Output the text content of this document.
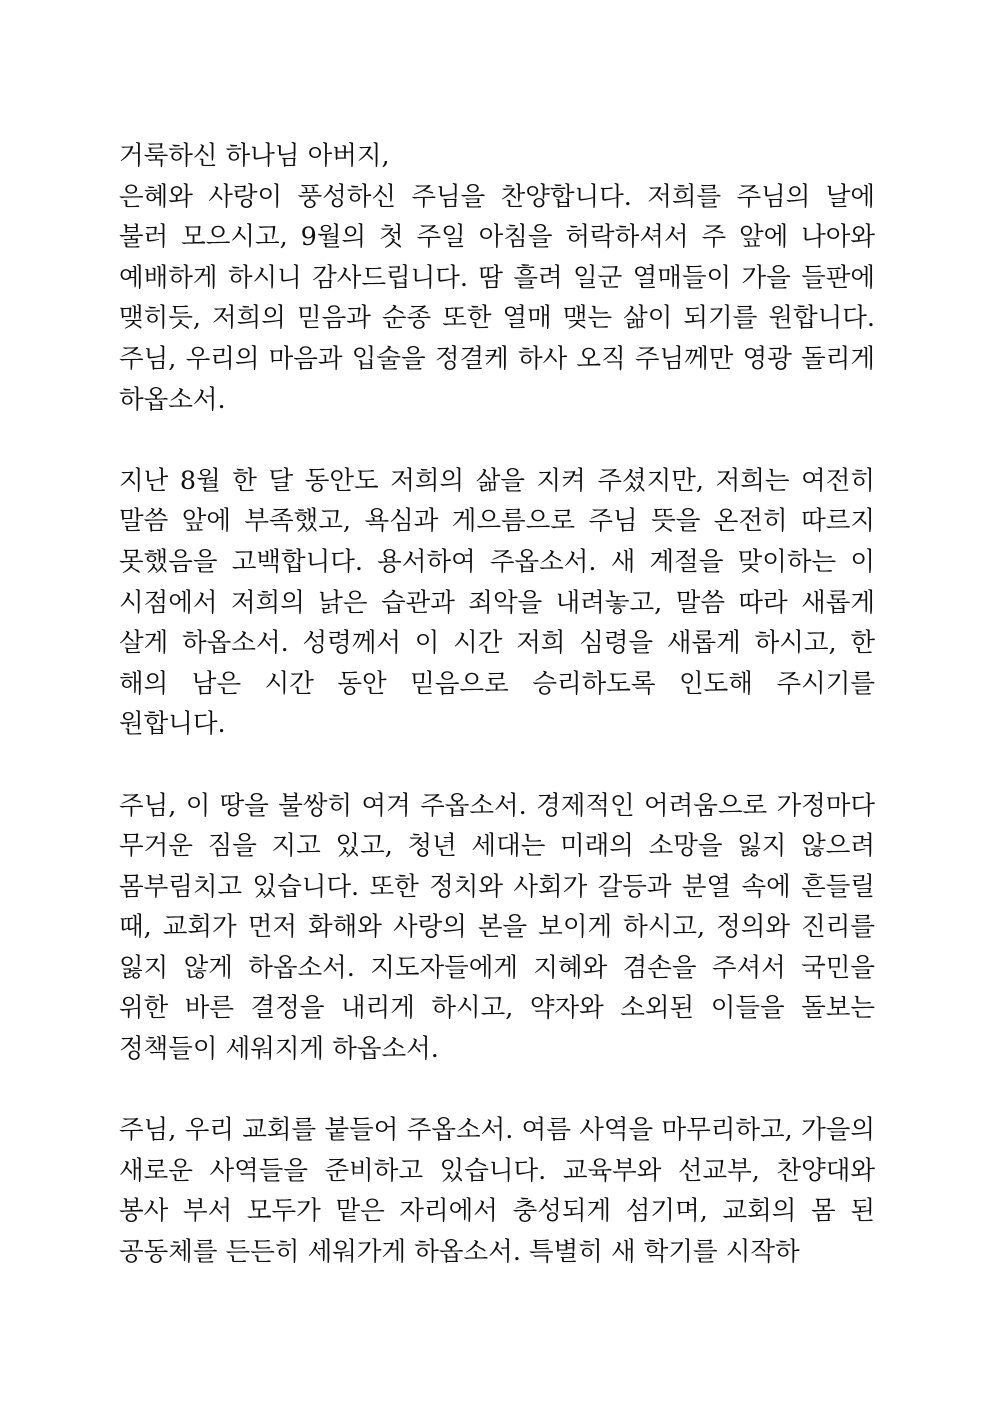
거룩하신 하나님 아버지,

은혜와 사랑이 풍성하신 주님을 찬양합니다. 저희를 주님의 날에 불러 모으시고, 9월의 첫 주일 아침을 허락하셔서 주 앞에 나아와 예배하게 하시니 감사드립니다. 땀 흘려 일군 열매들이 가을 들판에 맺히듯, 저희의 믿음과 순종 또한 열매 맺는 삶이 되기를 원합니다. 주님, 우리의 마음과 입술을 정결케 하사 오직 주님께만 영광 돌리게 하옵소서.

지난 8월 한 달 동안도 저희의 삶을 지켜 주셨지만, 저희는 여전히 말씀 앞에 부족했고, 욕심과 게으름으로 주님 뜻을 온전히 따르지 못했음을 고백합니다. 용서하여 주옵소서. 새 계절을 맞이하는 이 시점에서 저희의 낡은 습관과 죄악을 내려놓고, 말씀 따라 새롭게 살게 하옵소서. 성령께서 이 시간 저희 심령을 새롭게 하시고, 한 해의 남은 시간 동안 믿음으로 승리하도록 인도해 주시기를 원합니다.

주님, 이 땅을 불쌍히 여겨 주옵소서. 경제적인 어려움으로 가정마다 무거운 짐을 지고 있고, 청년 세대는 미래의 소망을 잃지 않으려 몸부림치고 있습니다. 또한 정치와 사회가 갈등과 분열 속에 흔들릴 때, 교회가 먼저 화해와 사랑의 본을 보이게 하시고, 정의와 진리를 잃지 않게 하옵소서. 지도자들에게 지혜와 겸손을 주셔서 국민을 위한 바른 결정을 내리게 하시고, 약자와 소외된 이들을 돌보는 정책들이 세워지게 하옵소서.

주님, 우리 교회를 붙들어 주옵소서. 여름 사역을 마무리하고, 가을의 새로운 사역들을 준비하고 있습니다. 교육부와 선교부, 찬양대와 봉사 부서 모두가 맡은 자리에서 충성되게 섬기며, 교회의 몸 된 공동체를 든든히 세워가게 하옵소서. 특별히 새 학기를 시작하
